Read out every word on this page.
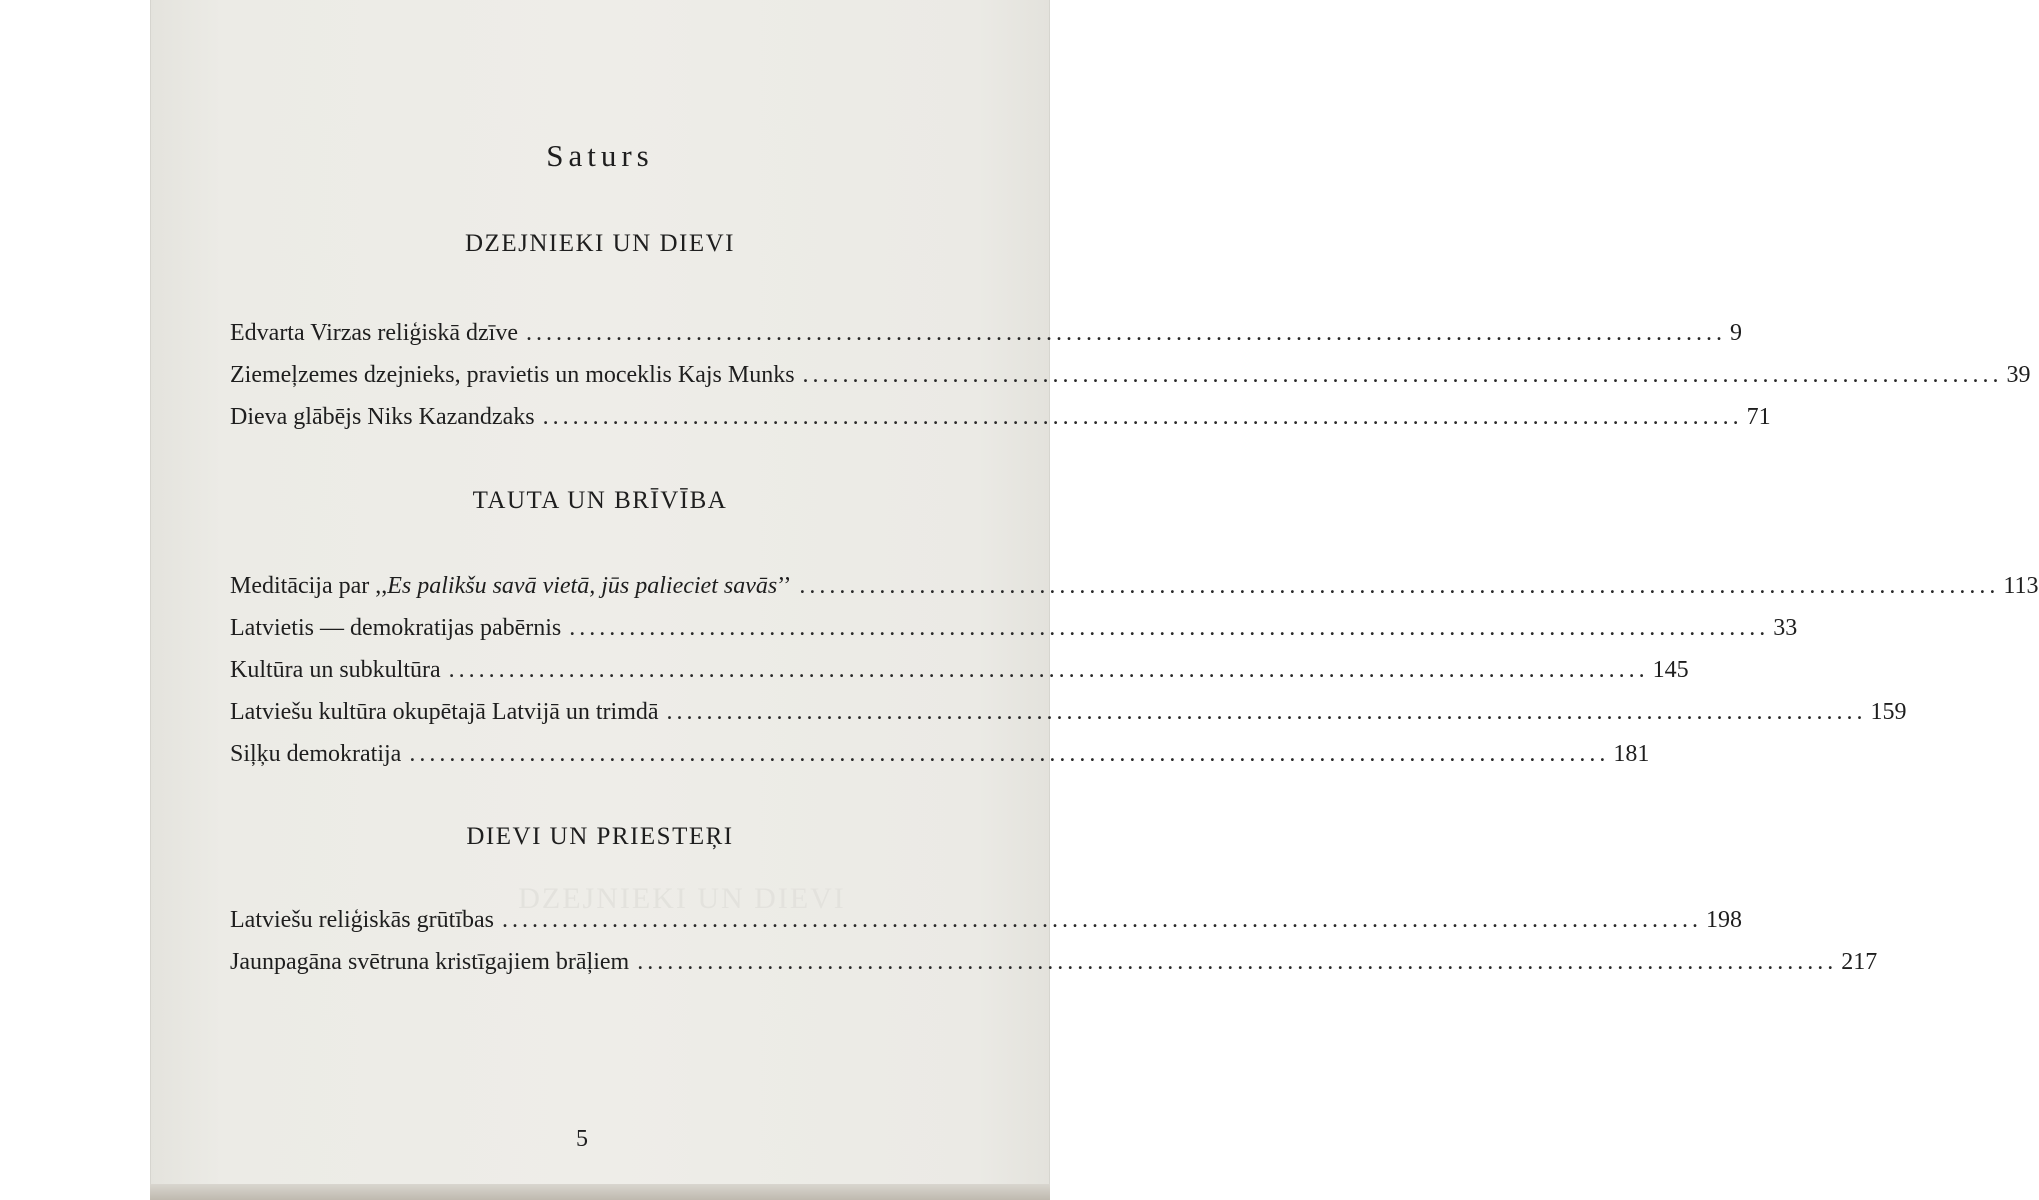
DZEJNIEKI UN DIEVI
Saturs
DZEJNIEKI UN DIEVI
Edvarta Virzas reliģiskā dzīve ........................................................................................................................ 9
Ziemeļzemes dzejnieks, pravietis un moceklis Kajs Munks ........................................................................................................................ 39
Dieva glābējs Niks Kazandzaks ........................................................................................................................ 71
TAUTA UN BRĪVĪBA
Meditācija par ,,Es palikšu savā vietā, jūs palieciet savās’’ ........................................................................................................................ 113
Latvietis — demokratijas pabērnis ........................................................................................................................ 33
Kultūra un subkultūra ........................................................................................................................ 145
Latviešu kultūra okupētajā Latvijā un trimdā ........................................................................................................................ 159
Siļķu demokratija ........................................................................................................................ 181
DIEVI UN PRIESTEŖI
Latviešu reliģiskās grūtības ........................................................................................................................ 198
Jaunpagāna svētruna kristīgajiem brāļiem ........................................................................................................................ 217
5
